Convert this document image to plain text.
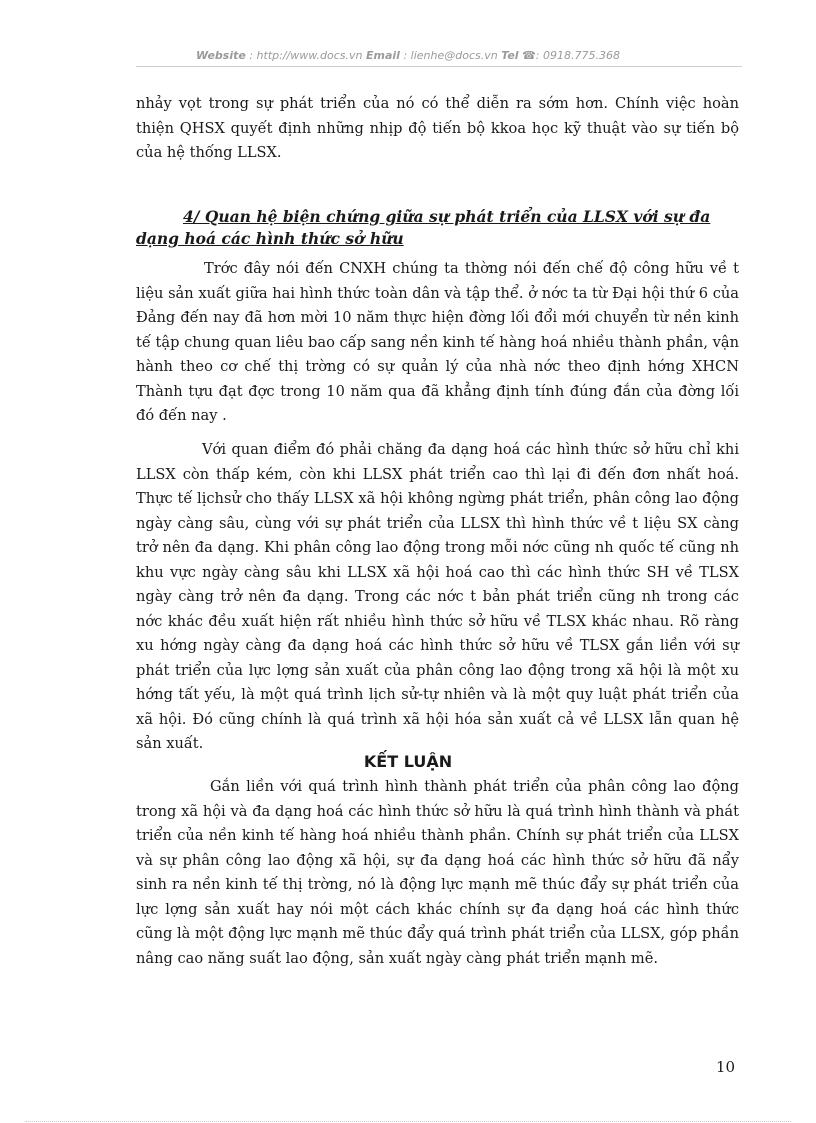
Website : http://www.docs.vn Email : lienhe@docs.vn Tel ☎: 0918.775.368

nhảy vọt trong sự phát triển của nó có thể diễn ra sớm hơn. Chính việc hoàn thiện QHSX quyết định những nhịp độ tiến bộ kkoa học kỹ thuật vào sự tiến bộ của hệ thống LLSX.

4/ Quan hệ biện chứng giữa sự phát triển của LLSX với sự đa dạng hoá các hình thức sở hữu

Trớc đây nói đến CNXH chúng ta thờng nói đến chế độ công hữu về t liệu sản xuất giữa hai hình thức toàn dân và tập thể. ở nớc ta từ Đại hội thứ 6 của Đảng đến nay đã hơn mời 10 năm thực hiện đờng lối đổi mới chuyển từ nền kinh tế tập chung quan liêu bao cấp sang nền kinh tế hàng hoá nhiều thành phần, vận hành theo cơ chế thị trờng có sự quản lý của nhà nớc theo định hớng XHCN Thành tựu đạt đợc trong 10 năm qua đã khẳng định tính đúng đắn của đờng lối đó đến nay .

Với quan điểm đó phải chăng đa dạng hoá các hình thức sở hữu chỉ khi LLSX còn thấp kém, còn khi LLSX phát triển cao thì lại đi đến đơn nhất hoá. Thực tế lịchsử cho thấy LLSX xã hội không ngừng phát triển, phân công lao động ngày càng sâu, cùng với sự phát triển của LLSX thì hình thức về t liệu SX càng trở nên đa dạng. Khi phân công lao động trong mỗi nớc cũng nh quốc tế cũng nh khu vực ngày càng sâu khi LLSX xã hội hoá cao thì các hình thức SH về TLSX ngày càng trở nên đa dạng. Trong các nớc t bản phát triển cũng nh trong các nớc khác đều xuất hiện rất nhiều hình thức sở hữu về TLSX khác nhau. Rõ ràng xu hớng ngày càng đa dạng hoá các hình thức sở hữu về TLSX gắn liền với sự phát triển của lực lợng sản xuất của phân công lao động trong xã hội là một xu hớng tất yếu, là một quá trình lịch sử-tự nhiên và là một quy luật phát triển của xã hội. Đó cũng chính là quá trình xã hội hóa sản xuất cả về LLSX lẫn quan hệ sản xuất.

KẾT LUẬN

Gắn liền với quá trình hình thành phát triển của phân công lao động trong xã hội và đa dạng hoá các hình thức sở hữu là quá trình hình thành và phát triển của nền kinh tế hàng hoá nhiều thành phần. Chính sự phát triển của LLSX và sự phân công lao động xã hội, sự đa dạng hoá các hình thức sở hữu đã nẩy sinh ra nền kinh tế thị trờng, nó là động lực mạnh mẽ thúc đẩy sự phát triển của lực lợng sản xuất hay nói một cách khác chính sự đa dạng hoá các hình thức cũng là một động lực mạnh mẽ thúc đẩy quá trình phát triển của LLSX, góp phần nâng cao năng suất lao động, sản xuất ngày càng phát triển mạnh mẽ.

10
